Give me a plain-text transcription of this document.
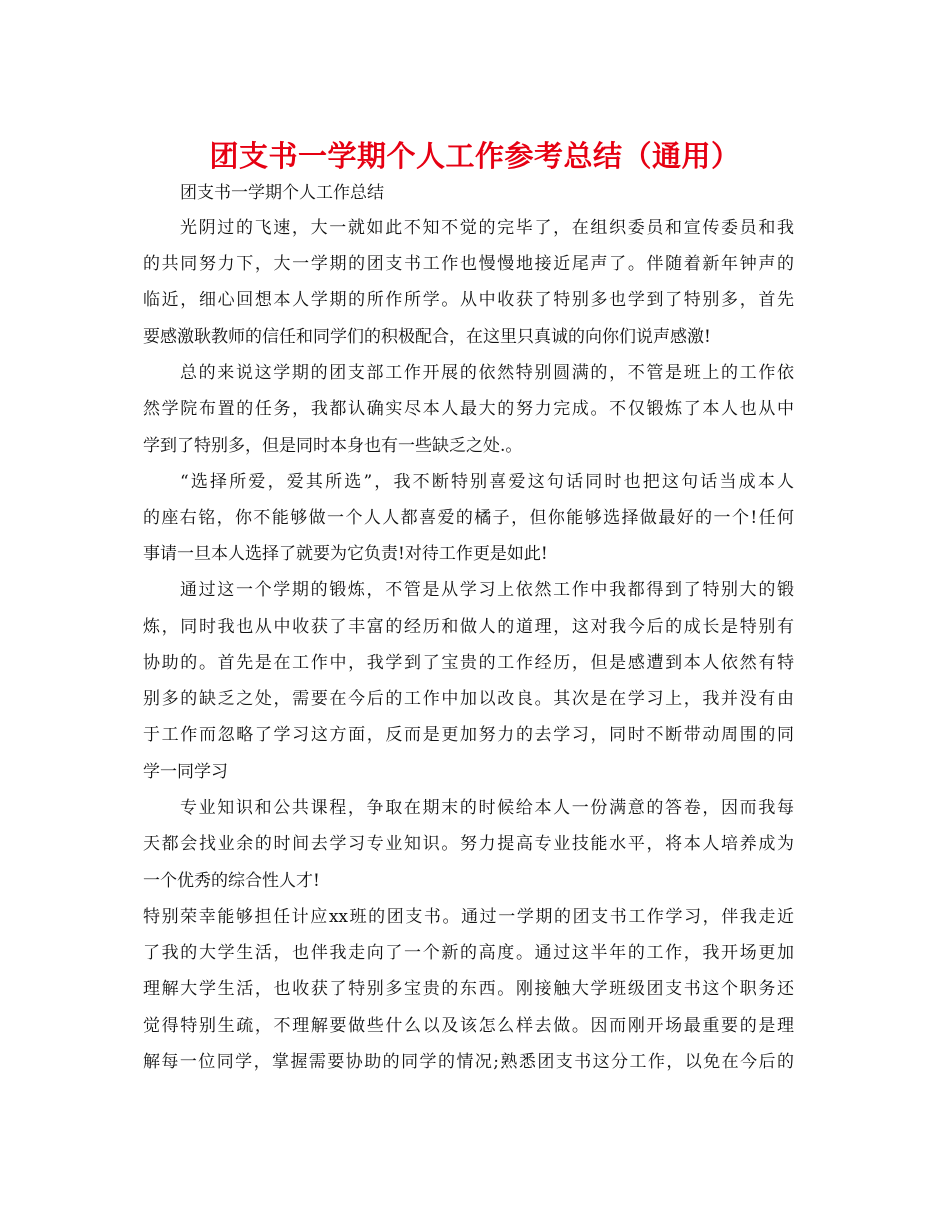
团支书一学期个人工作参考总结（通用）
团支书一学期个人工作总结
光阴过的飞速，大一就如此不知不觉的完毕了，在组织委员和宣传委员和我
的共同努力下，大一学期的团支书工作也慢慢地接近尾声了。伴随着新年钟声的
临近，细心回想本人学期的所作所学。从中收获了特别多也学到了特别多，首先
要感激耿教师的信任和同学们的积极配合，在这里只真诚的向你们说声感激!
总的来说这学期的团支部工作开展的依然特别圆满的，不管是班上的工作依
然学院布置的任务，我都认确实尽本人最大的努力完成。不仅锻炼了本人也从中
学到了特别多，但是同时本身也有一些缺乏之处.。
“选择所爱，爱其所选”，我不断特别喜爱这句话同时也把这句话当成本人
的座右铭，你不能够做一个人人都喜爱的橘子，但你能够选择做最好的一个!任何
事请一旦本人选择了就要为它负责!对待工作更是如此!
通过这一个学期的锻炼，不管是从学习上依然工作中我都得到了特别大的锻
炼，同时我也从中收获了丰富的经历和做人的道理，这对我今后的成长是特别有
协助的。首先是在工作中，我学到了宝贵的工作经历，但是感遭到本人依然有特
别多的缺乏之处，需要在今后的工作中加以改良。其次是在学习上，我并没有由
于工作而忽略了学习这方面，反而是更加努力的去学习，同时不断带动周围的同
学一同学习
专业知识和公共课程，争取在期末的时候给本人一份满意的答卷，因而我每
天都会找业余的时间去学习专业知识。努力提高专业技能水平，将本人培养成为
一个优秀的综合性人才!
特别荣幸能够担任计应xx班的团支书。通过一学期的团支书工作学习，伴我走近
了我的大学生活，也伴我走向了一个新的高度。通过这半年的工作，我开场更加
理解大学生活，也收获了特别多宝贵的东西。刚接触大学班级团支书这个职务还
觉得特别生疏，不理解要做些什么以及该怎么样去做。因而刚开场最重要的是理
解每一位同学，掌握需要协助的同学的情况;熟悉团支书这分工作，以免在今后的
